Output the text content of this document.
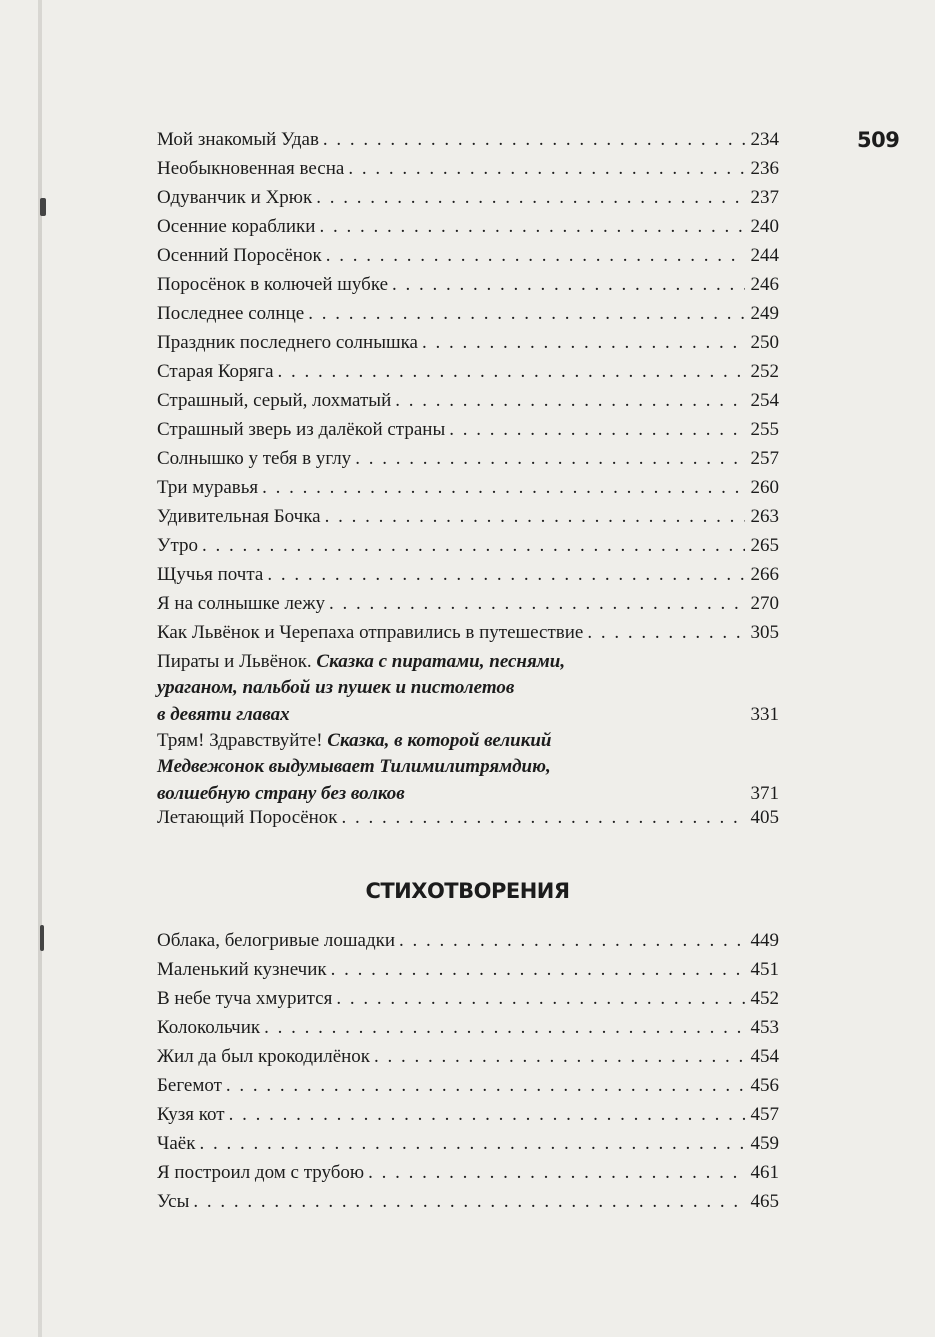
509
Мой знакомый Удав . . .	234
Необыкновенная весна . . .	236
Одуванчик и Хрюк . . .	237
Осенние кораблики . . .	240
Осенний Поросёнок . . .	244
Поросёнок в колючей шубке . . .	246
Последнее солнце . . .	249
Праздник последнего солнышка . . .	250
Старая Коряга . . .	252
Страшный, серый, лохматый . . .	254
Страшный зверь из далёкой страны . . .	255
Солнышко у тебя в углу . . .	257
Три муравья . . .	260
Удивительная Бочка . . .	263
Утро . . .	265
Щучья почта . . .	266
Я на солнышке лежу . . .	270
Как Львёнок и Черепаха отправились в путешествие . . .	305
Пираты и Львёнок. Сказка с пиратами, песнями,
ураганом, пальбой из пушек и пистолетов
в девяти главах	331
Трям! Здравствуйте! Сказка, в которой великий
Медвежонок выдумывает Тилимилитрямдию,
волшебную страну без волков	371
Летающий Поросёнок . . .	405
СТИХОТВОРЕНИЯ
Облака, белогривые лошадки . . .	449
Маленький кузнечик . . .	451
В небе туча хмурится . . .	452
Колокольчик . . .	453
Жил да был крокодилёнок . . .	454
Бегемот . . .	456
Кузя кот . . .	457
Чаёк . . .	459
Я построил дом с трубою . . .	461
Усы . . .	465
